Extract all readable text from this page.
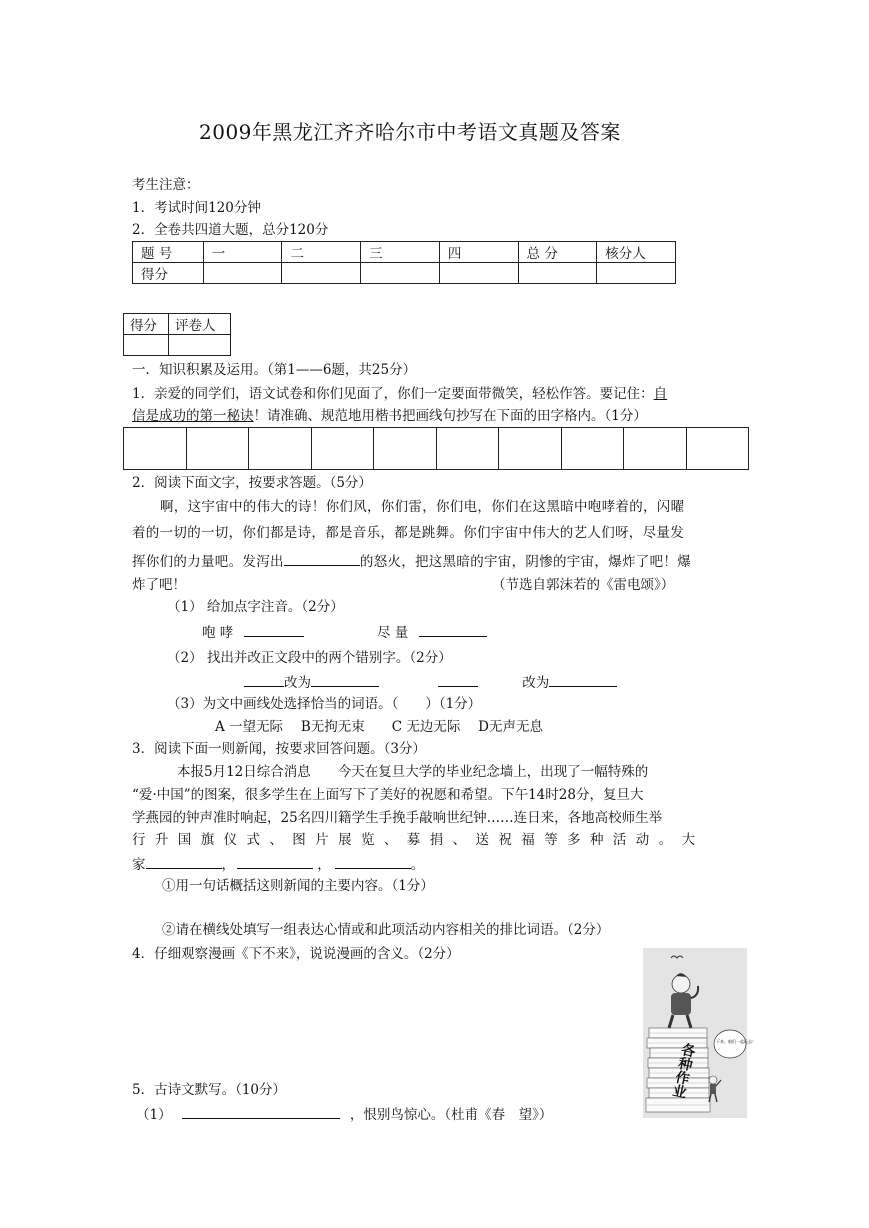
2009年黑龙江齐齐哈尔市中考语文真题及答案
考生注意：
1．考试时间120分钟
2．全卷共四道大题，总分120分
题 号	一	二	三	四	总 分	核分人
得分						
得分	评卷人

一．知识积累及运用。（第1——6题，共25分）
1．亲爱的同学们，语文试卷和你们见面了，你们一定要面带微笑，轻松作答。要记住：自
信是成功的第一秘诀！请准确、规范地用楷书把画线句抄写在下面的田字格内。（1分）
2．阅读下面文字，按要求答题。（5分）
啊，这宇宙中的伟大的诗！你们风，你们雷，你们电，你们在这黑暗中咆哮着的，闪曜
着的一切的一切，你们都是诗，都是音乐，都是跳舞。你们宇宙中伟大的艺人们呀，尽量发
挥你们的力量吧。发泻出	的怒火，把这黑暗的宇宙，阴惨的宇宙，爆炸了吧！爆
炸了吧！	（节选自郭沫若的《雷电颂》）
（1） 给加点字注音。（2分）
咆 哮	尽 量
（2） 找出并改正文段中的两个错别字。（2分）
改为	改为
（3）为文中画线处选择恰当的词语。（　　）（1分）
A 一望无际　 B无拘无束　　C 无边无际　 D无声无息
3．阅读下面一则新闻，按要求回答问题。（3分）
本报5月12日综合消息　　今天在复旦大学的毕业纪念墙上，出现了一幅特殊的
“爱·中国”的图案，很多学生在上面写下了美好的祝愿和希望。下午14时28分，复旦大
学燕园的钟声准时响起，25名四川籍学生手挽手敲响世纪钟……连日来，各地高校师生举
行升国旗仪式、图片展览、募捐、送祝福等多种活动。大
家	，	，	。
①用一句话概括这则新闻的主要内容。（1分）
②请在横线处填写一组表达心情或和此项活动内容相关的排比词语。（2分）
4．仔细观察漫画《下不来》，说说漫画的含义。（2分）
各种作业	下来，咱们一起玩去！
5．古诗文默写。（10分）
（1）	，恨别鸟惊心。（杜甫《春　望》）
